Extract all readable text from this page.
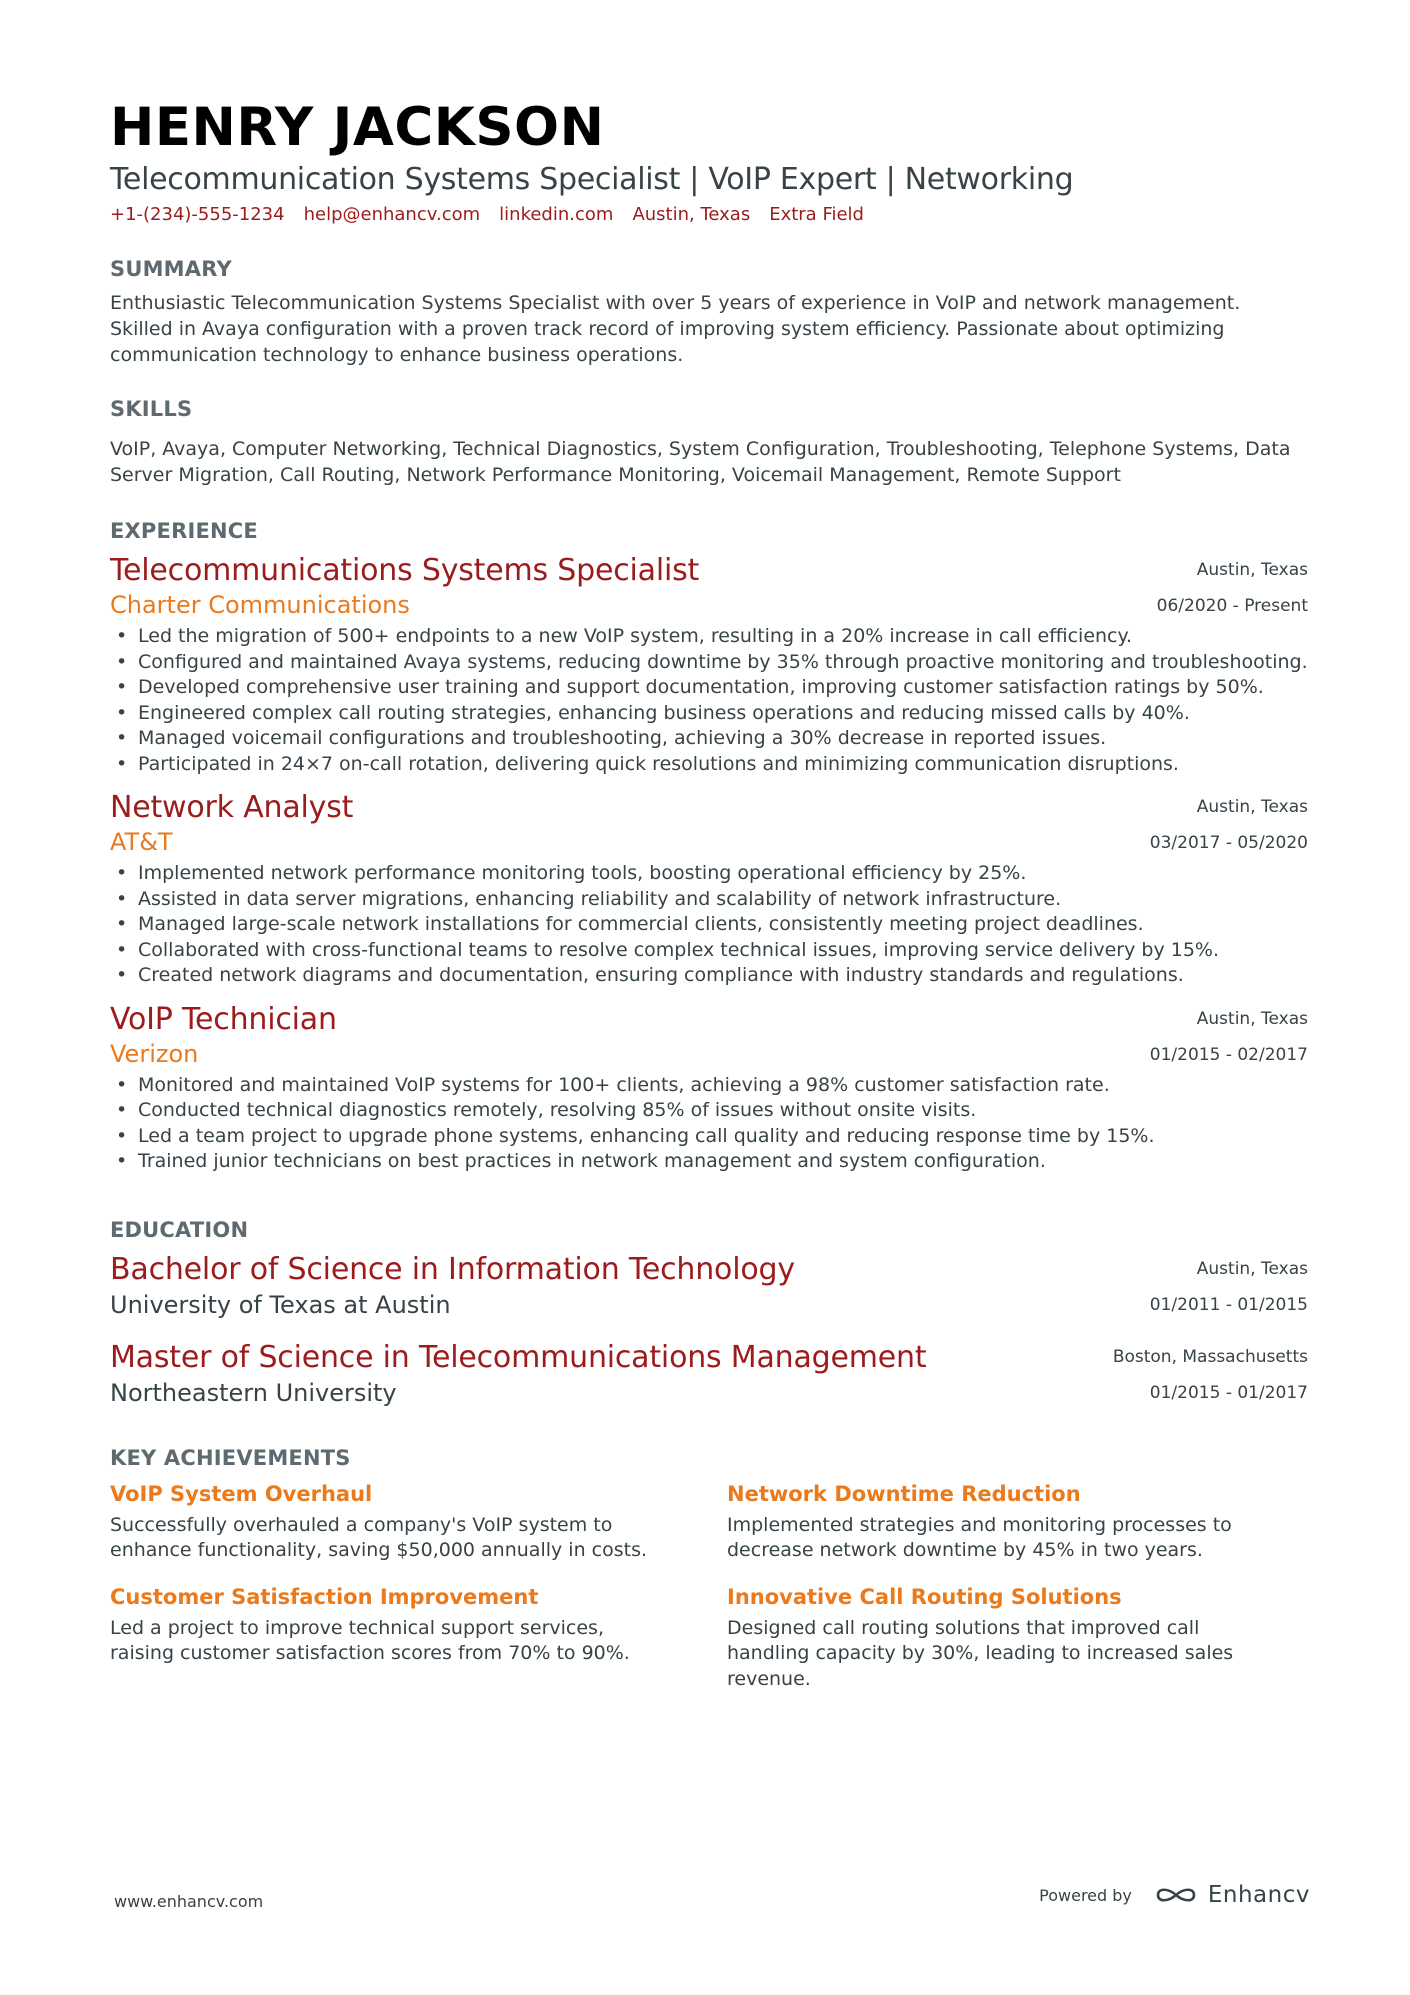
HENRY JACKSON
Telecommunication Systems Specialist | VoIP Expert | Networking
+1-(234)-555-1234 help@enhancv.com linkedin.com Austin, Texas Extra Field
SUMMARY

Enthusiastic Telecommunication Systems Specialist with over 5 years of experience in VoIP and network management. Skilled in Avaya configuration with a proven track record of improving system efficiency. Passionate about optimizing communication technology to enhance business operations.

SKILLS

VoIP, Avaya, Computer Networking, Technical Diagnostics, System Configuration, Troubleshooting, Telephone Systems, Data Server Migration, Call Routing, Network Performance Monitoring, Voicemail Management, Remote Support

EXPERIENCE
Telecommunications Systems Specialist
Charter Communications
Austin, Texas
06/2020 - Present
• Led the migration of 500+ endpoints to a new VoIP system, resulting in a 20% increase in call efficiency.
• Configured and maintained Avaya systems, reducing downtime by 35% through proactive monitoring and troubleshooting.
• Developed comprehensive user training and support documentation, improving customer satisfaction ratings by 50%.
• Engineered complex call routing strategies, enhancing business operations and reducing missed calls by 40%.
• Managed voicemail configurations and troubleshooting, achieving a 30% decrease in reported issues.
• Participated in 24×7 on-call rotation, delivering quick resolutions and minimizing communication disruptions.
Network Analyst
AT&T
Austin, Texas
03/2017 - 05/2020
• Implemented network performance monitoring tools, boosting operational efficiency by 25%.
• Assisted in data server migrations, enhancing reliability and scalability of network infrastructure.
• Managed large-scale network installations for commercial clients, consistently meeting project deadlines.
• Collaborated with cross-functional teams to resolve complex technical issues, improving service delivery by 15%.
• Created network diagrams and documentation, ensuring compliance with industry standards and regulations.
VoIP Technician
Verizon
Austin, Texas
01/2015 - 02/2017
• Monitored and maintained VoIP systems for 100+ clients, achieving a 98% customer satisfaction rate.
• Conducted technical diagnostics remotely, resolving 85% of issues without onsite visits.
• Led a team project to upgrade phone systems, enhancing call quality and reducing response time by 15%.
• Trained junior technicians on best practices in network management and system configuration.
EDUCATION
Bachelor of Science in Information Technology
University of Texas at Austin
Austin, Texas
01/2011 - 01/2015
Master of Science in Telecommunications Management
Northeastern University
Boston, Massachusetts
01/2015 - 01/2017
KEY ACHIEVEMENTS
VoIP System Overhaul

Successfully overhauled a company's VoIP system to enhance functionality, saving $50,000 annually in costs.

Network Downtime Reduction

Implemented strategies and monitoring processes to decrease network downtime by 45% in two years.

Customer Satisfaction Improvement

Led a project to improve technical support services, raising customer satisfaction scores from 70% to 90%.

Innovative Call Routing Solutions

Designed call routing solutions that improved call handling capacity by 30%, leading to increased sales revenue.

www.enhancv.com	Powered by	Enhancv
